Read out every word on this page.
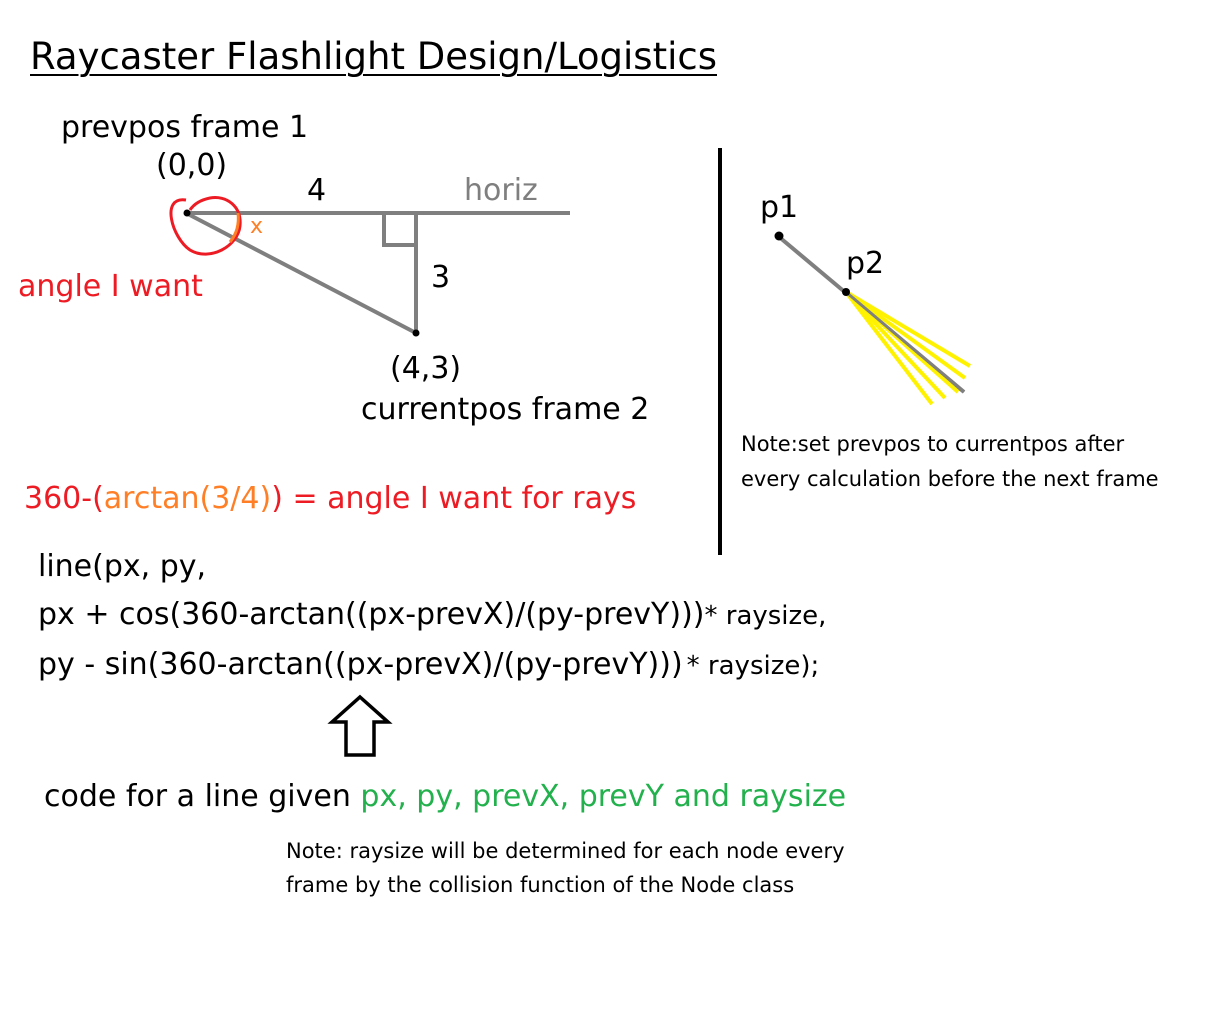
Raycaster Flashlight Design/Logistics
prevpos frame 1
(0,0)
4	horiz
3
x
angle I want
(4,3)
currentpos frame 2
360-(arctan(3/4)) = angle I want for rays
line(px, py,
px + cos(360-arctan((px-prevX)/(py-prevY)))* raysize,
py - sin(360-arctan((px-prevX)/(py-prevY))) * raysize);
code for a line given px, py, prevX, prevY and raysize
Note: raysize will be determined for each node every
frame by the collision function of the Node class
p1
p2
Note:set prevpos to currentpos after
every calculation before the next frame
